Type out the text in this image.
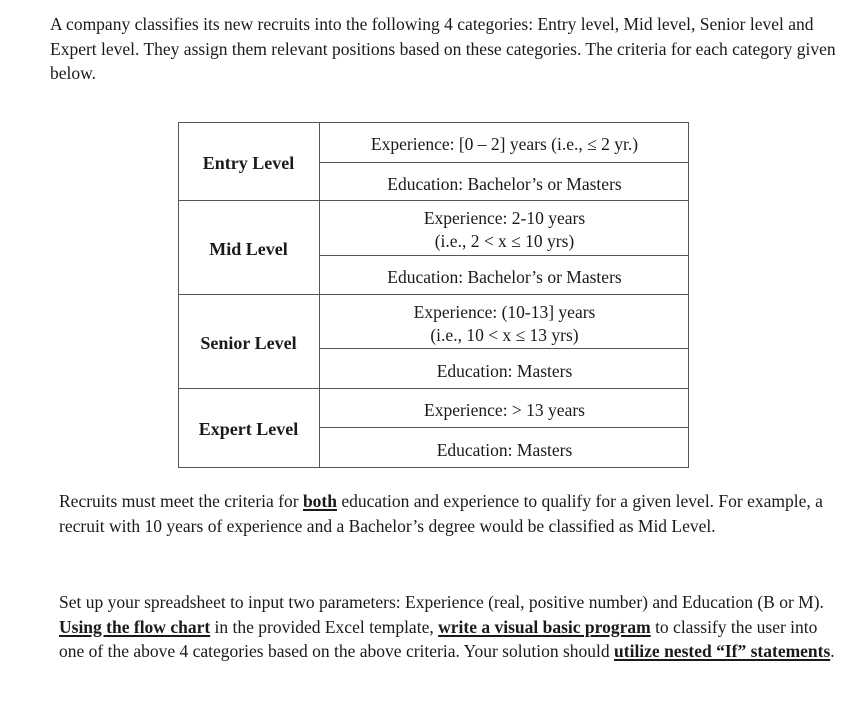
A company classifies its new recruits into the following 4 categories: Entry level, Mid level, Senior level and Expert level. They assign them relevant positions based on these categories. The criteria for each category given below.

Entry Level
Experience: [0 – 2] years (i.e., ≤ 2 yr.)
Education: Bachelor’s or Masters
Mid Level
Experience: 2-10 years
(i.e., 2 < x ≤ 10 yrs)
Education: Bachelor’s or Masters
Senior Level
Experience: (10-13] years
(i.e., 10 < x ≤ 13 yrs)
Education: Masters
Expert Level
Experience: > 13 years
Education: Masters

Recruits must meet the criteria for both education and experience to qualify for a given level. For example, a recruit with 10 years of experience and a Bachelor’s degree would be classified as Mid Level.

Set up your spreadsheet to input two parameters: Experience (real, positive number) and Education (B or M). Using the flow chart in the provided Excel template, write a visual basic program to classify the user into one of the above 4 categories based on the above criteria. Your solution should utilize nested “If” statements.
